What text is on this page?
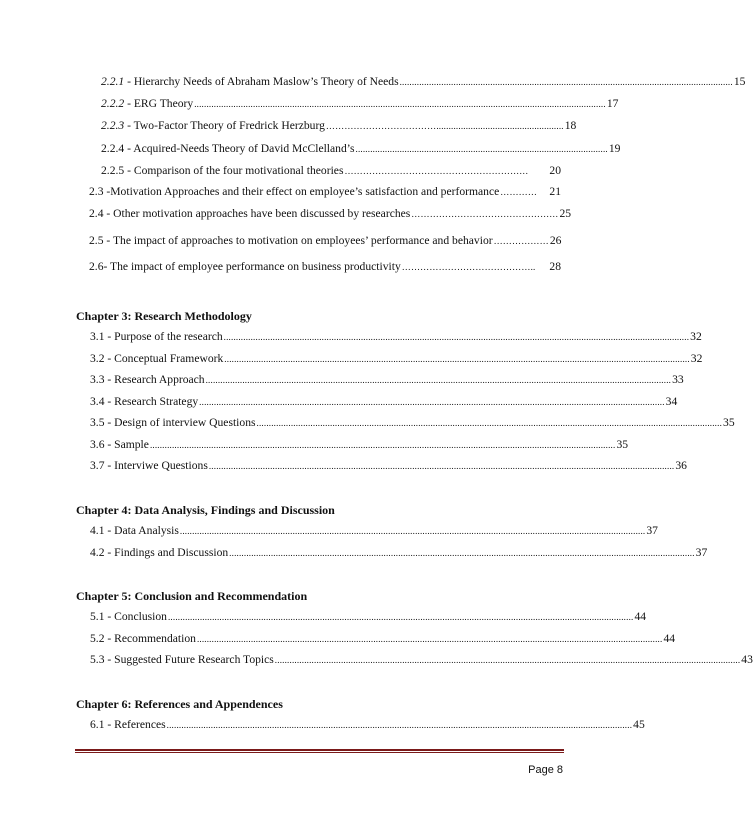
2.2.1 - Hierarchy Needs of Abraham Maslow’s Theory of Needs ........................................................................................................................................ 15
2.2.2 - ERG Theory ........................................................................................................................................................................ 17
2.2.3 - Two-Factor Theory of Fredrick Herzburg ……………………………….................................................... 18
2.2.4 - Acquired-Needs Theory of David McClelland’s ....................................................................................................... 19
2.2.5 - Comparison of the four motivational theories ……………………………………………………	20
2.3 -Motivation Approaches and their effect on employee’s satisfaction and performance …………	21
2.4 - Other motivation approaches have been discussed by researches ………………………………………… 25
2.5 - The impact of approaches to motivation on employees’ performance and behavior ……………… 26
2.6- The impact of employee performance on business productivity ……………………………………..	28
Chapter 3: Research Methodology
3.1 - Purpose of the research .............................................................................................................................................................................................. 32
3.2 - Conceptual Framework .............................................................................................................................................................................................. 32
3.3 - Research Approach .............................................................................................................................................................................................. 33
3.4 - Research Strategy .............................................................................................................................................................................................. 34
3.5 - Design of interview Questions .............................................................................................................................................................................................. 35
3.6 - Sample .............................................................................................................................................................................................. 35
3.7 - Interviwe Questions .............................................................................................................................................................................................. 36
Chapter 4: Data Analysis, Findings and Discussion
4.1 - Data Analysis .............................................................................................................................................................................................. 37
4.2 - Findings and Discussion .............................................................................................................................................................................................. 37
Chapter 5: Conclusion and Recommendation
5.1 - Conclusion .............................................................................................................................................................................................. 44
5.2 - Recommendation .............................................................................................................................................................................................. 44
5.3 - Suggested Future Research Topics .............................................................................................................................................................................................. 43
Chapter 6: References and Appendences
6.1 - References .............................................................................................................................................................................................. 45
Page 8
